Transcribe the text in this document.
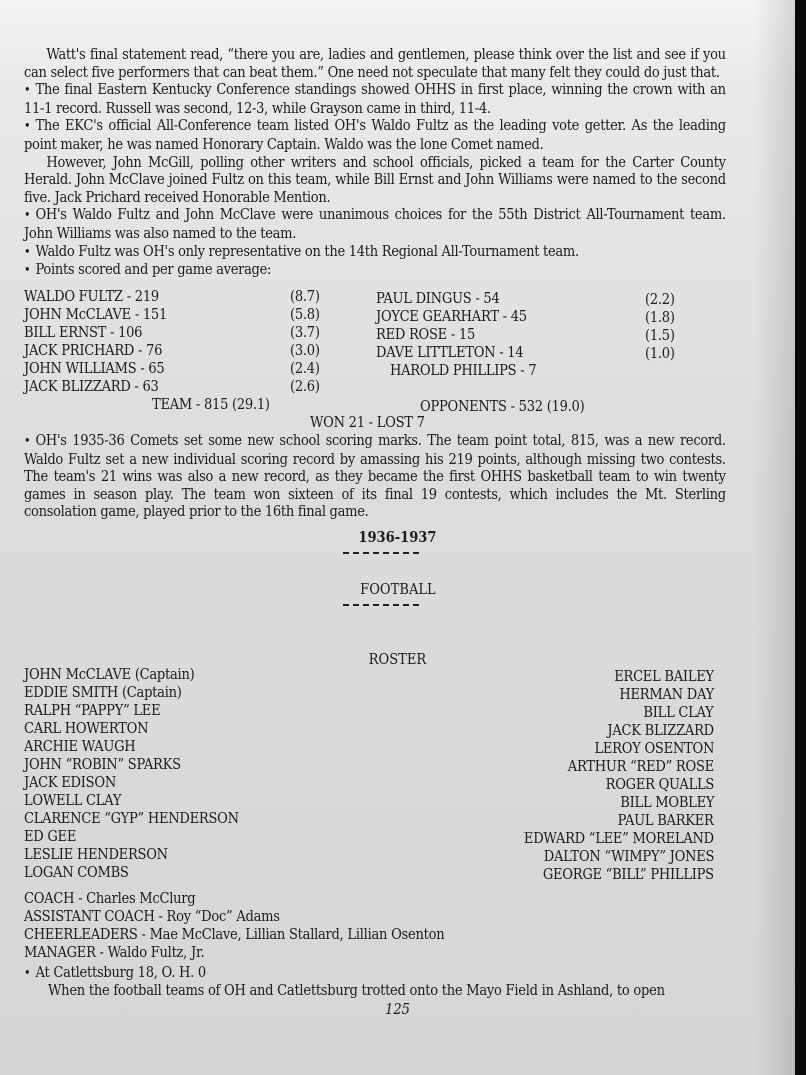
Watt's final statement read, “there you are, ladies and gentlemen, please think over the list and see if you can select five performers that can beat them.” One need not speculate that many felt they could do just that.

• The final Eastern Kentucky Conference standings showed OHHS in first place, winning the crown with an 11-1 record. Russell was second, 12-3, while Grayson came in third, 11-4.

• The EKC's official All-Conference team listed OH's Waldo Fultz as the leading vote getter. As the leading point maker, he was named Honorary Captain. Waldo was the lone Comet named.

However, John McGill, polling other writers and school officials, picked a team for the Carter County Herald. John McClave joined Fultz on this team, while Bill Ernst and John Williams were named to the second five. Jack Prichard received Honorable Mention.

• OH's Waldo Fultz and John McClave were unanimous choices for the 55th District All-Tournament team. John Williams was also named to the team.

• Waldo Fultz was OH's only representative on the 14th Regional All-Tournament team.

• Points scored and per game average:

WALDO FULTZ - 219	(8.7)
JOHN McCLAVE - 151	(5.8)
BILL ERNST - 106	(3.7)
JACK PRICHARD - 76	(3.0)
JOHN WILLIAMS - 65	(2.4)
JACK BLIZZARD - 63	(2.6)
PAUL DINGUS - 54	(2.2)
JOYCE GEARHART - 45	(1.8)
RED ROSE - 15	(1.5)
DAVE LITTLETON - 14	(1.0)
HAROLD PHILLIPS - 7
TEAM - 815 (29.1)	OPPONENTS - 532 (19.0)
WON 21 - LOST 7

• OH's 1935-36 Comets set some new school scoring marks. The team point total, 815, was a new record. Waldo Fultz set a new individual scoring record by amassing his 219 points, although missing two contests. The team's 21 wins was also a new record, as they became the first OHHS basketball team to win twenty games in season play. The team won sixteen of its final 19 contests, which includes the Mt. Sterling consolation game, played prior to the 16th final game.

1936-1937
FOOTBALL
ROSTER
JOHN McCLAVE (Captain)
EDDIE SMITH (Captain)
RALPH “PAPPY” LEE
CARL HOWERTON
ARCHIE WAUGH
JOHN “ROBIN” SPARKS
JACK EDISON
LOWELL CLAY
CLARENCE “GYP” HENDERSON
ED GEE
LESLIE HENDERSON
LOGAN COMBS
ERCEL BAILEY
HERMAN DAY
BILL CLAY
JACK BLIZZARD
LEROY OSENTON
ARTHUR “RED” ROSE
ROGER QUALLS
BILL MOBLEY
PAUL BARKER
EDWARD “LEE” MORELAND
DALTON “WIMPY” JONES
GEORGE “BILL” PHILLIPS
COACH - Charles McClurg
ASSISTANT COACH - Roy “Doc” Adams
CHEERLEADERS - Mae McClave, Lillian Stallard, Lillian Osenton
MANAGER - Waldo Fultz, Jr.
• At Catlettsburg 18, O. H. 0
When the football teams of OH and Catlettsburg trotted onto the Mayo Field in Ashland, to open
125
